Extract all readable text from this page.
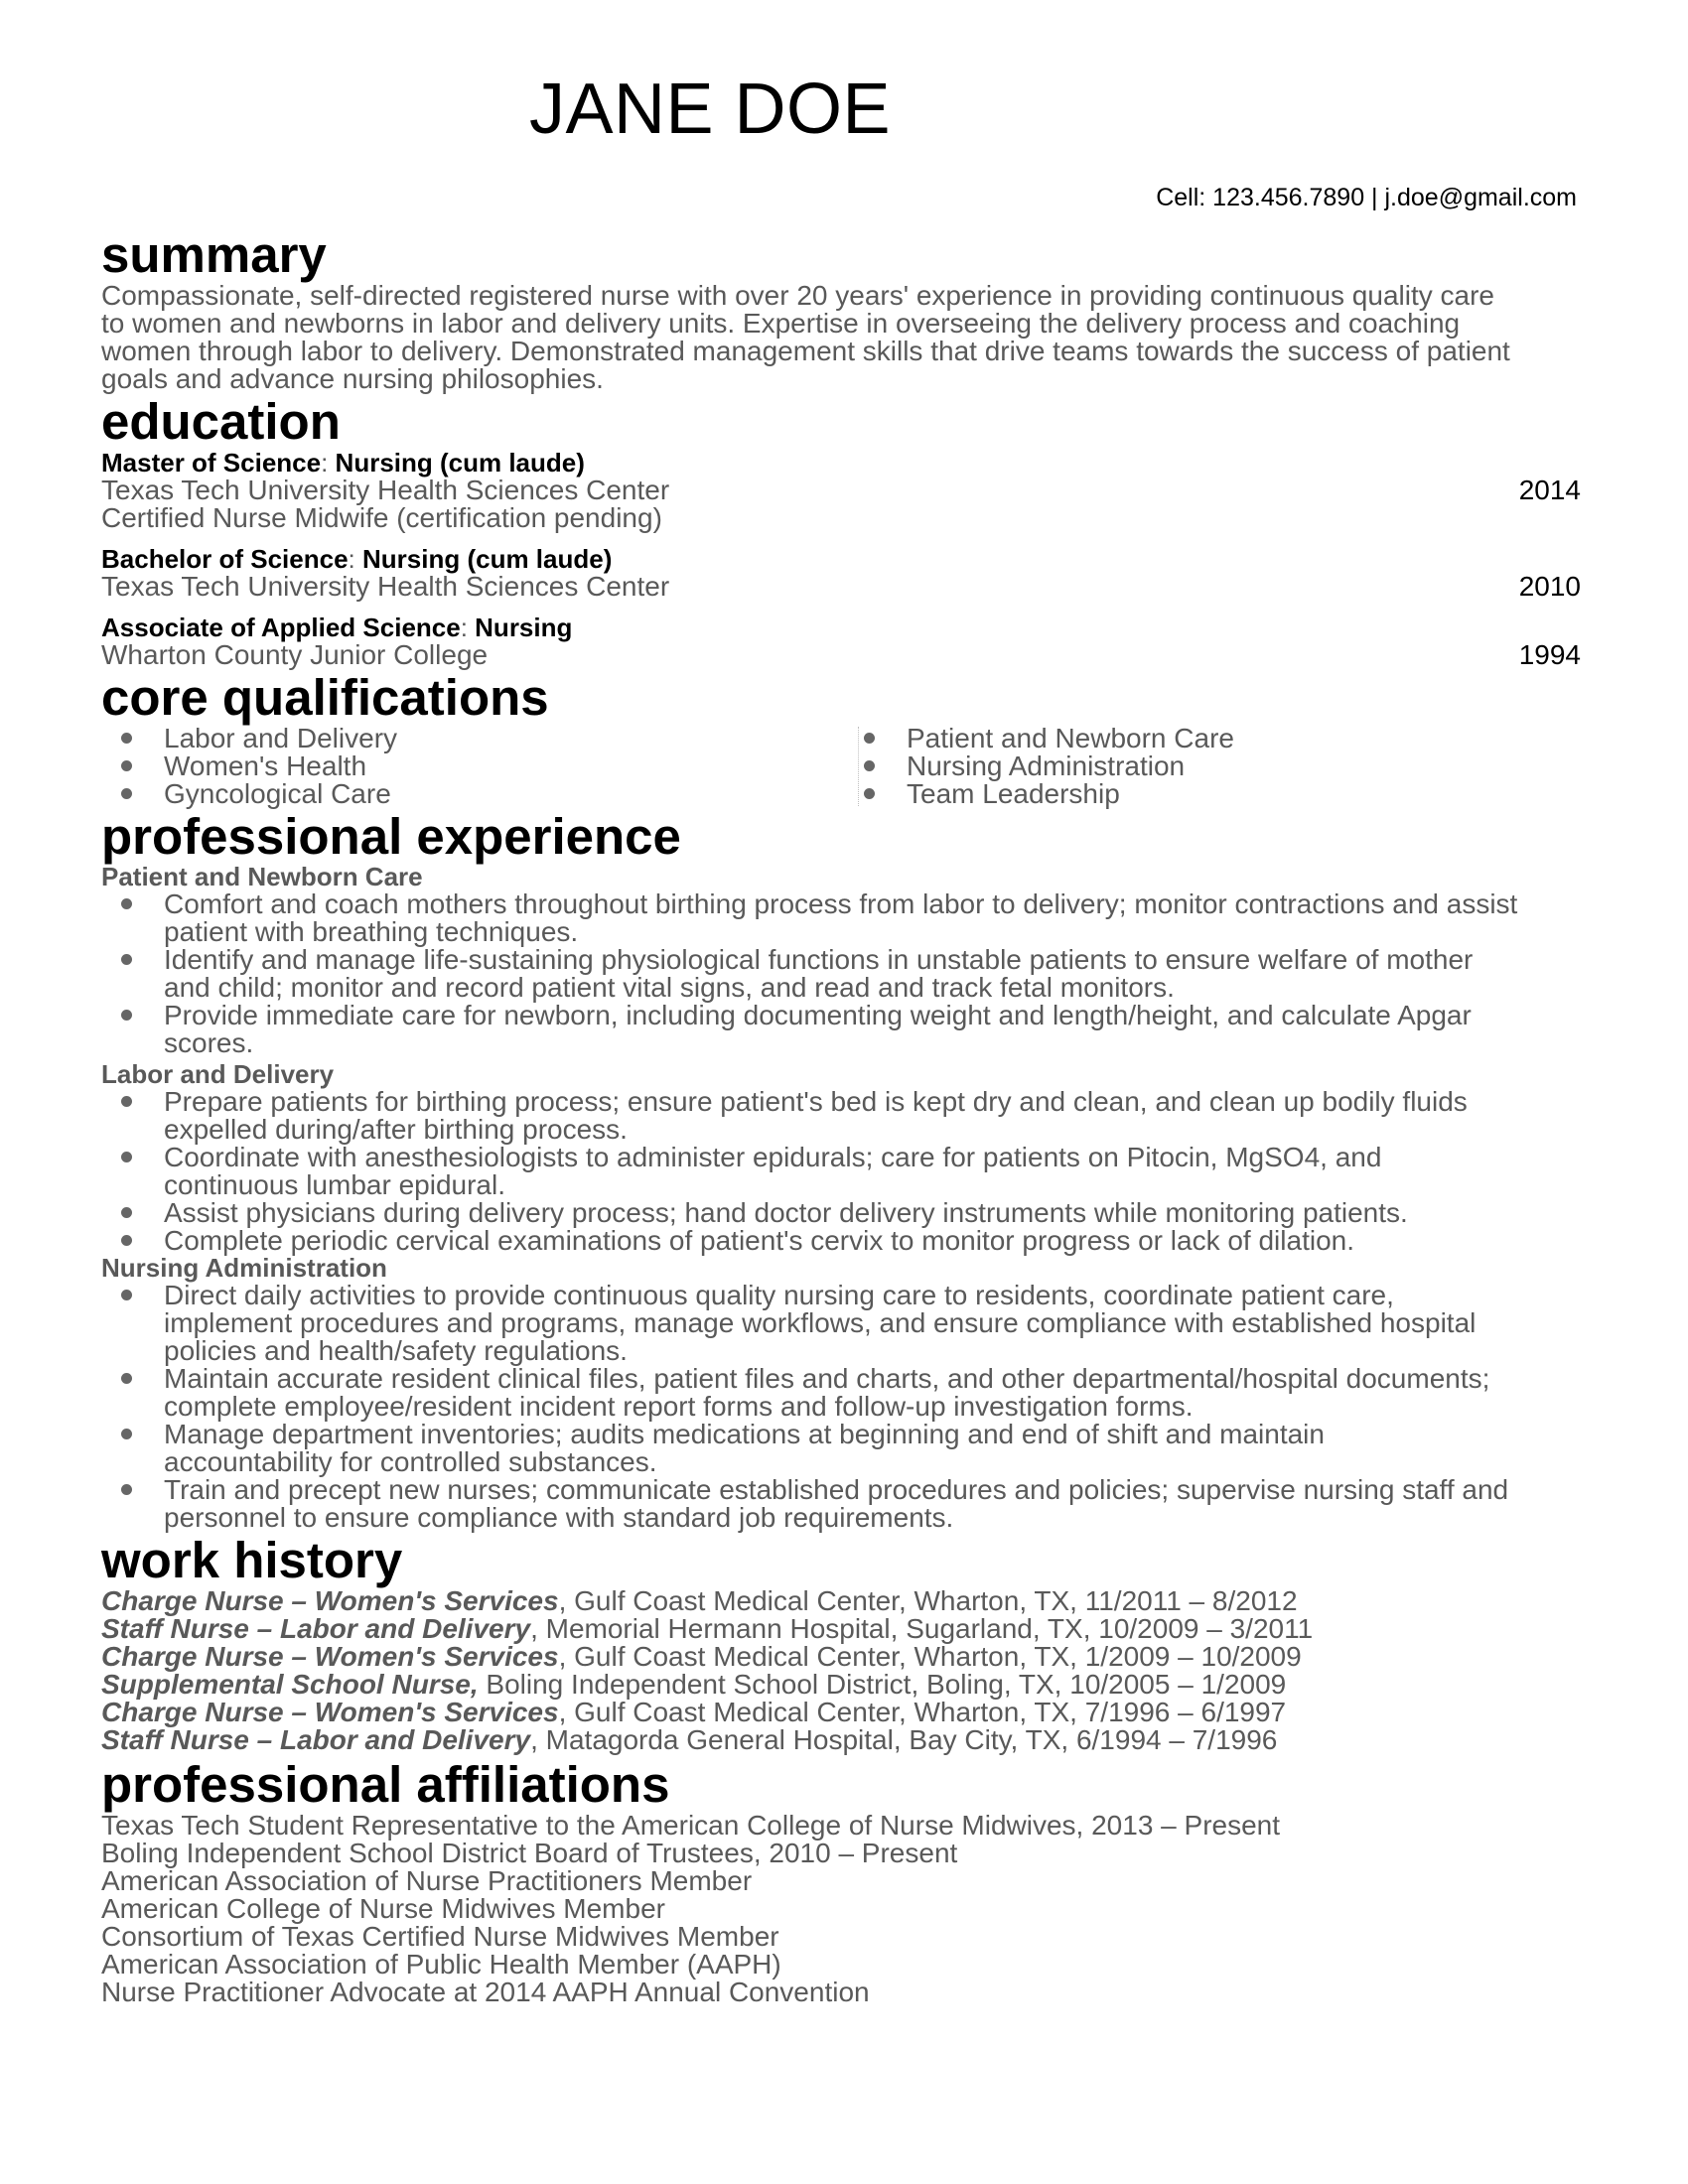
JANE DOE
Cell: 123.456.7890 | j.doe@gmail.com
summary
Compassionate, self-directed registered nurse with over 20 years' experience in providing continuous quality care
to women and newborns in labor and delivery units. Expertise in overseeing the delivery process and coaching
women through labor to delivery. Demonstrated management skills that drive teams towards the success of patient
goals and advance nursing philosophies.
education
Master of Science: Nursing (cum laude)
Texas Tech University Health Sciences Center	2014
Certified Nurse Midwife (certification pending)
Bachelor of Science: Nursing (cum laude)
Texas Tech University Health Sciences Center	2010
Associate of Applied Science: Nursing
Wharton County Junior College	1994
core qualifications
Labor and Delivery
Women's Health
Gyncological Care
Patient and Newborn Care
Nursing Administration
Team Leadership
professional experience
Patient and Newborn Care
Comfort and coach mothers throughout birthing process from labor to delivery; monitor contractions and assist
patient with breathing techniques.
Identify and manage life-sustaining physiological functions in unstable patients to ensure welfare of mother
and child; monitor and record patient vital signs, and read and track fetal monitors.
Provide immediate care for newborn, including documenting weight and length/height, and calculate Apgar
scores.
Labor and Delivery
Prepare patients for birthing process; ensure patient's bed is kept dry and clean, and clean up bodily fluids
expelled during/after birthing process.
Coordinate with anesthesiologists to administer epidurals; care for patients on Pitocin, MgSO4, and
continuous lumbar epidural.
Assist physicians during delivery process; hand doctor delivery instruments while monitoring patients.
Complete periodic cervical examinations of patient's cervix to monitor progress or lack of dilation.
Nursing Administration
Direct daily activities to provide continuous quality nursing care to residents, coordinate patient care,
implement procedures and programs, manage workflows, and ensure compliance with established hospital
policies and health/safety regulations.
Maintain accurate resident clinical files, patient files and charts, and other departmental/hospital documents;
complete employee/resident incident report forms and follow-up investigation forms.
Manage department inventories; audits medications at beginning and end of shift and maintain
accountability for controlled substances.
Train and precept new nurses; communicate established procedures and policies; supervise nursing staff and
personnel to ensure compliance with standard job requirements.
work history
Charge Nurse – Women's Services, Gulf Coast Medical Center, Wharton, TX, 11/2011 – 8/2012
Staff Nurse – Labor and Delivery, Memorial Hermann Hospital, Sugarland, TX, 10/2009 – 3/2011
Charge Nurse – Women's Services, Gulf Coast Medical Center, Wharton, TX, 1/2009 – 10/2009
Supplemental School Nurse, Boling Independent School District, Boling, TX, 10/2005 – 1/2009
Charge Nurse – Women's Services, Gulf Coast Medical Center, Wharton, TX, 7/1996 – 6/1997
Staff Nurse – Labor and Delivery, Matagorda General Hospital, Bay City, TX, 6/1994 – 7/1996
professional affiliations
Texas Tech Student Representative to the American College of Nurse Midwives, 2013 – Present
Boling Independent School District Board of Trustees, 2010 – Present
American Association of Nurse Practitioners Member
American College of Nurse Midwives Member
Consortium of Texas Certified Nurse Midwives Member
American Association of Public Health Member (AAPH)
Nurse Practitioner Advocate at 2014 AAPH Annual Convention
